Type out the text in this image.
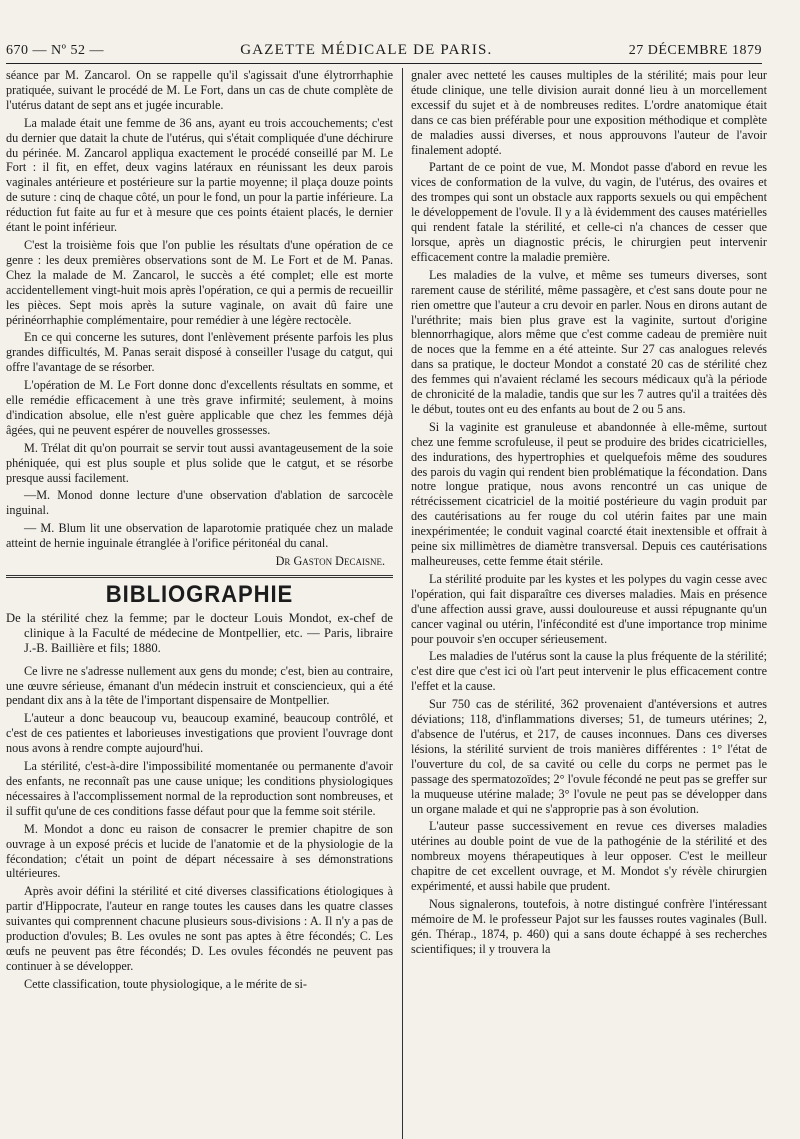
670 — Nº 52 —	GAZETTE MÉDICALE DE PARIS.	27 DÉCEMBRE 1879

séance par M. Zancarol. On se rappelle qu'il s'agissait d'une élytrorrhaphie pratiquée, suivant le procédé de M. Le Fort, dans un cas de chute complète de l'utérus datant de sept ans et jugée incurable.

La malade était une femme de 36 ans, ayant eu trois accouchements; c'est du dernier que datait la chute de l'utérus, qui s'était compliquée d'une déchirure du périnée. M. Zancarol appliqua exactement le procédé conseillé par M. Le Fort : il fit, en effet, deux vagins latéraux en réunissant les deux parois vaginales antérieure et postérieure sur la partie moyenne; il plaça douze points de suture : cinq de chaque côté, un pour le fond, un pour la partie inférieure. La réduction fut faite au fur et à mesure que ces points étaient placés, le dernier étant le point inférieur.

C'est la troisième fois que l'on publie les résultats d'une opération de ce genre : les deux premières observations sont de M. Le Fort et de M. Panas. Chez la malade de M. Zancarol, le succès a été complet; elle est morte accidentellement vingt-huit mois après l'opération, ce qui a permis de recueillir les pièces. Sept mois après la suture vaginale, on avait dû faire une périnéorrhaphie complémentaire, pour remédier à une légère rectocèle.

En ce qui concerne les sutures, dont l'enlèvement présente parfois les plus grandes difficultés, M. Panas serait disposé à conseiller l'usage du catgut, qui offre l'avantage de se résorber.

L'opération de M. Le Fort donne donc d'excellents résultats en somme, et elle remédie efficacement à une très grave infirmité; seulement, à moins d'indication absolue, elle n'est guère applicable que chez les femmes déjà âgées, qui ne peuvent espérer de nouvelles grossesses.

M. Trélat dit qu'on pourrait se servir tout aussi avantageusement de la soie phéniquée, qui est plus souple et plus solide que le catgut, et se résorbe presque aussi facilement.

—M. Monod donne lecture d'une observation d'ablation de sarcocèle inguinal.

— M. Blum lit une observation de laparotomie pratiquée chez un malade atteint de hernie inguinale étranglée à l'orifice péritonéal du canal.

Dr Gaston Decaisne.

BIBLIOGRAPHIE

De la stérilité chez la femme; par le docteur Louis Mondot, ex-chef de clinique à la Faculté de médecine de Montpellier, etc. — Paris, libraire J.-B. Baillière et fils; 1880.

Ce livre ne s'adresse nullement aux gens du monde; c'est, bien au contraire, une œuvre sérieuse, émanant d'un médecin instruit et consciencieux, qui a été pendant dix ans à la tête de l'important dispensaire de Montpellier.

L'auteur a donc beaucoup vu, beaucoup examiné, beaucoup contrôlé, et c'est de ces patientes et laborieuses investigations que provient l'ouvrage dont nous avons à rendre compte aujourd'hui.

La stérilité, c'est-à-dire l'impossibilité momentanée ou permanente d'avoir des enfants, ne reconnaît pas une cause unique; les conditions physiologiques nécessaires à l'accomplissement normal de la reproduction sont nombreuses, et il suffit qu'une de ces conditions fasse défaut pour que la femme soit stérile.

M. Mondot a donc eu raison de consacrer le premier chapitre de son ouvrage à un exposé précis et lucide de l'anatomie et de la physiologie de la fécondation; c'était un point de départ nécessaire à ses démonstrations ultérieures.

Après avoir défini la stérilité et cité diverses classifications étiologiques à partir d'Hippocrate, l'auteur en range toutes les causes dans les quatre classes suivantes qui comprennent chacune plusieurs sous-divisions : A. Il n'y a pas de production d'ovules; B. Les ovules ne sont pas aptes à être fécondés; C. Les œufs ne peuvent pas être fécondés; D. Les ovules fécondés ne peuvent pas continuer à se développer.

Cette classification, toute physiologique, a le mérite de si-

gnaler avec netteté les causes multiples de la stérilité; mais pour leur étude clinique, une telle division aurait donné lieu à un morcellement excessif du sujet et à de nombreuses redites. L'ordre anatomique était dans ce cas bien préférable pour une exposition méthodique et complète de maladies aussi diverses, et nous approuvons l'auteur de l'avoir finalement adopté.

Partant de ce point de vue, M. Mondot passe d'abord en revue les vices de conformation de la vulve, du vagin, de l'utérus, des ovaires et des trompes qui sont un obstacle aux rapports sexuels ou qui empêchent le développement de l'ovule. Il y a là évidemment des causes matérielles qui rendent fatale la stérilité, et celle-ci n'a chances de cesser que lorsque, après un diagnostic précis, le chirurgien peut intervenir efficacement contre la maladie première.

Les maladies de la vulve, et même ses tumeurs diverses, sont rarement cause de stérilité, même passagère, et c'est sans doute pour ne rien omettre que l'auteur a cru devoir en parler. Nous en dirons autant de l'uréthrite; mais bien plus grave est la vaginite, surtout d'origine blennorrhagique, alors même que c'est comme cadeau de première nuit de noces que la femme en a été atteinte. Sur 27 cas analogues relevés dans sa pratique, le docteur Mondot a constaté 20 cas de stérilité chez des femmes qui n'avaient réclamé les secours médicaux qu'à la période de chronicité de la maladie, tandis que sur les 7 autres qu'il a traitées dès le début, toutes ont eu des enfants au bout de 2 ou 5 ans.

Si la vaginite est granuleuse et abandonnée à elle-même, surtout chez une femme scrofuleuse, il peut se produire des brides cicatricielles, des indurations, des hypertrophies et quelquefois même des soudures des parois du vagin qui rendent bien problématique la fécondation. Dans notre longue pratique, nous avons rencontré un cas unique de rétrécissement cicatriciel de la moitié postérieure du vagin produit par des cautérisations au fer rouge du col utérin faites par une main inexpérimentée; le conduit vaginal coarcté était inextensible et offrait à peine six millimètres de diamètre transversal. Depuis ces cautérisations malheureuses, cette femme était stérile.

La stérilité produite par les kystes et les polypes du vagin cesse avec l'opération, qui fait disparaître ces diverses maladies. Mais en présence d'une affection aussi grave, aussi douloureuse et aussi répugnante qu'un cancer vaginal ou utérin, l'infécondité est d'une importance trop minime pour pouvoir s'en occuper sérieusement.

Les maladies de l'utérus sont la cause la plus fréquente de la stérilité; c'est dire que c'est ici où l'art peut intervenir le plus efficacement contre l'effet et la cause.

Sur 750 cas de stérilité, 362 provenaient d'antéversions et autres déviations; 118, d'inflammations diverses; 51, de tumeurs utérines; 2, d'absence de l'utérus, et 217, de causes inconnues. Dans ces diverses lésions, la stérilité survient de trois manières différentes : 1° l'état de l'ouverture du col, de sa cavité ou celle du corps ne permet pas le passage des spermatozoïdes; 2° l'ovule fécondé ne peut pas se greffer sur la muqueuse utérine malade; 3° l'ovule ne peut pas se développer dans un organe malade et qui ne s'approprie pas à son évolution.

L'auteur passe successivement en revue ces diverses maladies utérines au double point de vue de la pathogénie de la stérilité et des nombreux moyens thérapeutiques à leur opposer. C'est le meilleur chapitre de cet excellent ouvrage, et M. Mondot s'y révèle chirurgien expérimenté, et aussi habile que prudent.

Nous signalerons, toutefois, à notre distingué confrère l'intéressant mémoire de M. le professeur Pajot sur les fausses routes vaginales (Bull. gén. Thérap., 1874, p. 460) qui a sans doute échappé à ses recherches scientifiques; il y trouvera la
